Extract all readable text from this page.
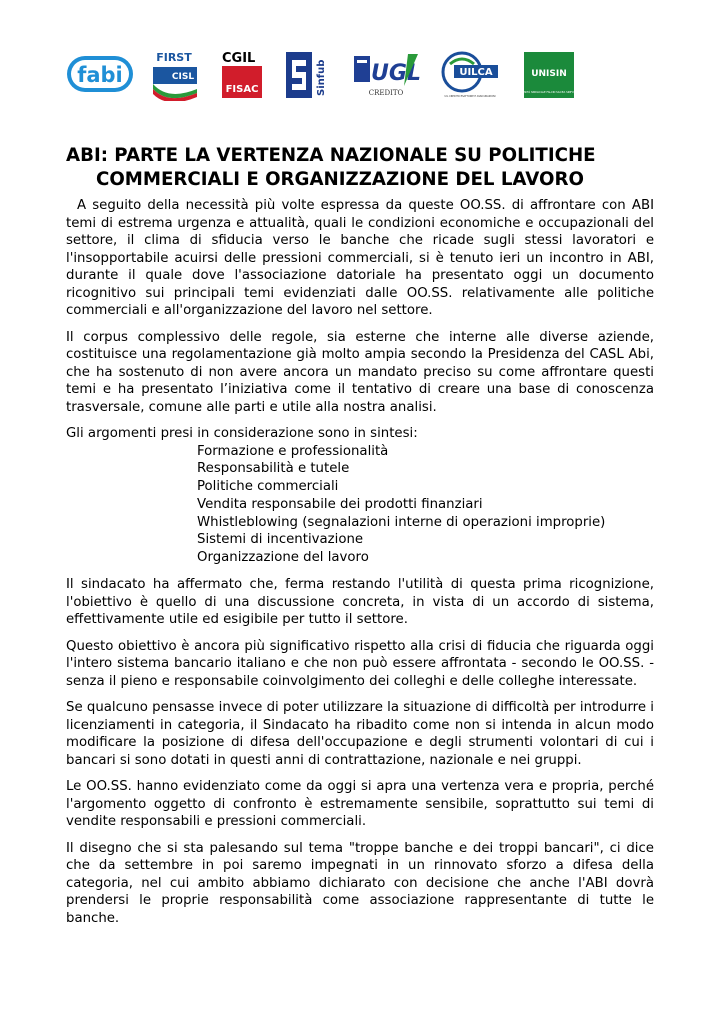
fabi
FIRST
CISL
CGIL
FISAC	Sinfub UGL
CREDITO
UILCA
UIL CREDITO ESATTORIE E ASSICURAZIONI
UNISIN
UNITÀ SINDACALE FALCRI SILCEA SINFUB
ABI: PARTE LA VERTENZA NAZIONALE SU POLITICHE
COMMERCIALI E ORGANIZZAZIONE DEL LAVORO

A seguito della necessità più volte espressa da queste OO.SS. di affrontare con ABI temi di estrema urgenza e attualità, quali le condizioni economiche e occupazionali del settore, il clima di sfiducia verso le banche che ricade sugli stessi lavoratori e l'insopportabile acuirsi delle pressioni commerciali, si è tenuto ieri un incontro in ABI, durante il quale dove l'associazione datoriale ha presentato oggi un documento ricognitivo sui principali temi evidenziati dalle OO.SS. relativamente alle politiche commerciali e all'organizzazione del lavoro nel settore.

Il corpus complessivo delle regole, sia esterne che interne alle diverse aziende, costituisce una regolamentazione già molto ampia secondo la Presidenza del CASL Abi, che ha sostenuto di non avere ancora un mandato preciso su come affrontare questi temi e ha presentato l’iniziativa come il tentativo di creare una base di conoscenza trasversale, comune alle parti e utile alla nostra analisi.

Gli argomenti presi in considerazione sono in sintesi:

Formazione e professionalità
Responsabilità e tutele
Politiche commerciali
Vendita responsabile dei prodotti finanziari
Whistleblowing (segnalazioni interne di operazioni improprie)
Sistemi di incentivazione
Organizzazione del lavoro

Il sindacato ha affermato che, ferma restando l'utilità di questa prima ricognizione, l'obiettivo è quello di una discussione concreta, in vista di un accordo di sistema, effettivamente utile ed esigibile per tutto il settore.

Questo obiettivo è ancora più significativo rispetto alla crisi di fiducia che riguarda oggi l'intero sistema bancario italiano e che non può essere affrontata - secondo le OO.SS. - senza il pieno e responsabile coinvolgimento dei colleghi e delle colleghe interessate.

Se qualcuno pensasse invece di poter utilizzare la situazione di difficoltà per introdurre i licenziamenti in categoria, il Sindacato ha ribadito come non si intenda in alcun modo modificare la posizione di difesa dell'occupazione e degli strumenti volontari di cui i bancari si sono dotati in questi anni di contrattazione, nazionale e nei gruppi.

Le OO.SS. hanno evidenziato come da oggi si apra una vertenza vera e propria, perché l'argomento oggetto di confronto è estremamente sensibile, soprattutto sui temi di vendite responsabili e pressioni commerciali.

Il disegno che si sta palesando sul tema "troppe banche e dei troppi bancari", ci dice che da settembre in poi saremo impegnati in un rinnovato sforzo a difesa della categoria, nel cui ambito abbiamo dichiarato con decisione che anche l'ABI dovrà prendersi le proprie responsabilità come associazione rappresentante di tutte le banche.
